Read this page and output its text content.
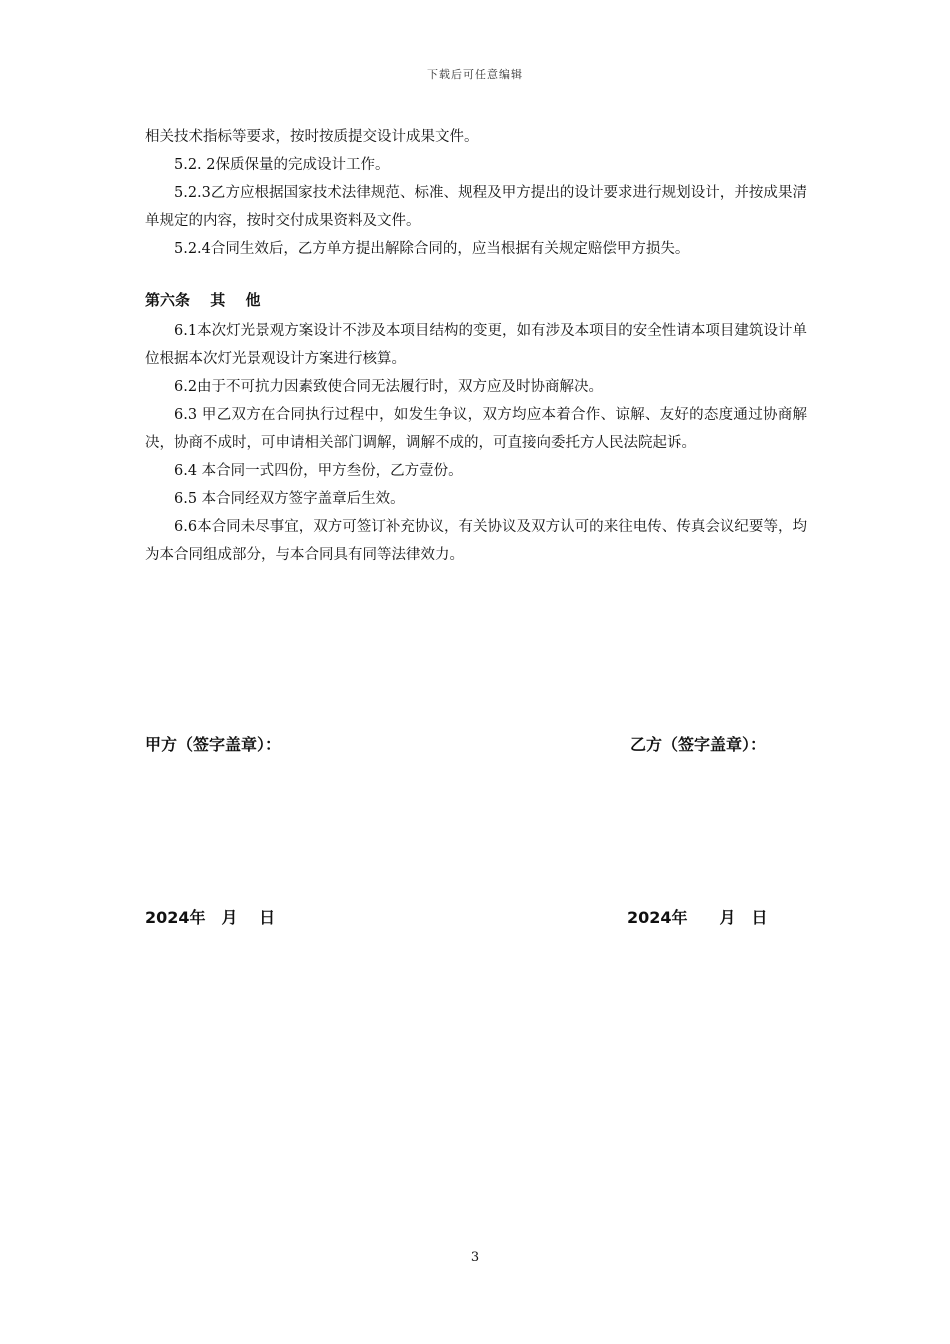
下载后可任意编辑

相关技术指标等要求，按时按质提交设计成果文件。

5.2. 2保质保量的完成设计工作。

5.2.3乙方应根据国家技术法律规范、标准、规程及甲方提出的设计要求进行规划设计，并按成果清单规定的内容，按时交付成果资料及文件。

5.2.4合同生效后，乙方单方提出解除合同的，应当根据有关规定赔偿甲方损失。

第六条　 其　 他

6.1本次灯光景观方案设计不涉及本项目结构的变更，如有涉及本项目的安全性请本项目建筑设计单位根据本次灯光景观设计方案进行核算。

6.2由于不可抗力因素致使合同无法履行时，双方应及时协商解决。

6.3 甲乙双方在合同执行过程中，如发生争议，双方均应本着合作、谅解、友好的态度通过协商解决，协商不成时，可申请相关部门调解，调解不成的，可直接向委托方人民法院起诉。

6.4 本合同一式四份，甲方叁份，乙方壹份。

6.5 本合同经双方签字盖章后生效。

6.6本合同未尽事宜，双方可签订补充协议，有关协议及双方认可的来往电传、传真会议纪要等，均为本合同组成部分，与本合同具有同等法律效力。

甲方（签字盖章）：	乙方（签字盖章）：
2024年　月　 日	2024年　　月　日
3
